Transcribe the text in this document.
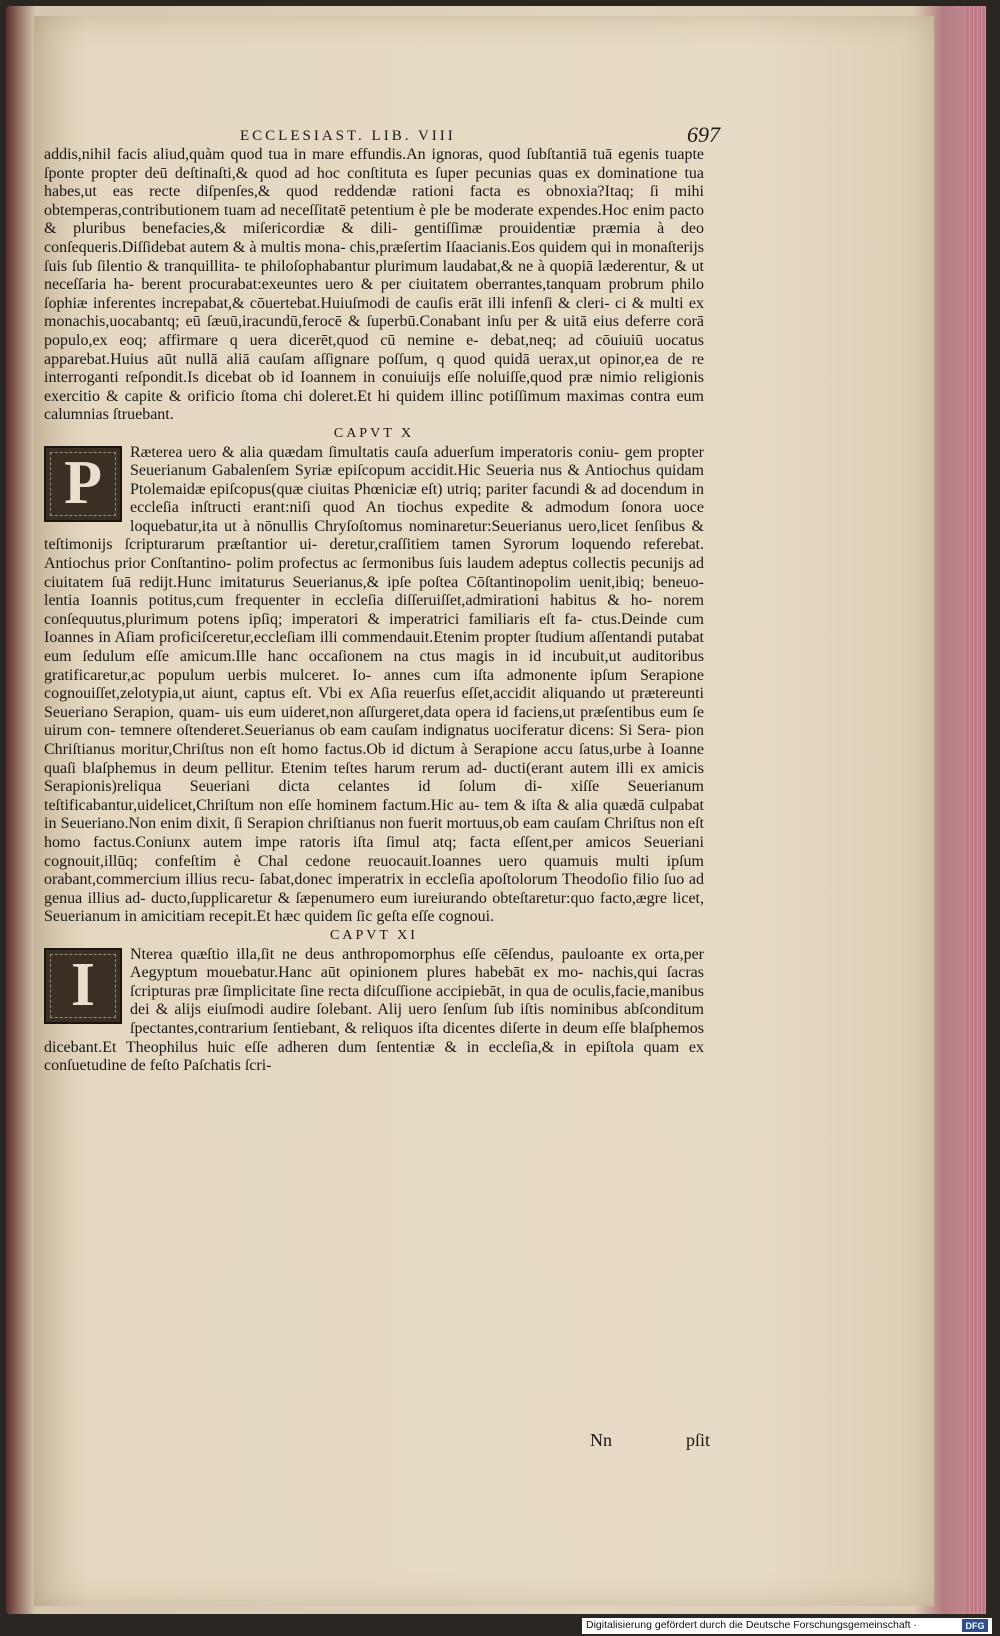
ECCLESIAST. LIB. VIII	697

addis,nihil facis aliud,quàm quod tua in mare effundis.An ignoras, quod ſubſtantiā tuā egenis tuapte ſponte propter deū deſtinaſti,& quod ad hoc conſtituta es ſuper pecunias quas ex dominatione tua habes,ut eas recte diſpenſes,& quod reddendæ rationi facta es obnoxia?Itaq; ſi mihi obtemperas,contributionem tuam ad neceſſitatē petentium è ple be moderate expendes.Hoc enim pacto & pluribus benefacies,& miſericordiæ & dili- gentiſſimæ prouidentiæ præmia à deo conſequeris.Diſſidebat autem & à multis mona- chis,præſertim Iſaacianis.Eos quidem qui in monaſterijs ſuis ſub ſilentio & tranquillita- te philoſophabantur plurimum laudabat,& ne à quopiā læderentur, & ut neceſſaria ha- berent procurabat:exeuntes uero & per ciuitatem oberrantes,tanquam probrum philo ſophiæ inferentes increpabat,& cōuertebat.Huiuſmodi de cauſis erāt illi infenſi & cleri- ci & multi ex monachis,uocabantq; eū ſæuū,iracundū,ferocē & ſuperbū.Conabant inſu per & uitā eius deferre corā populo,ex eoq; affirmare q uera dicerēt,quod cū nemine e- debat,neq; ad cōuiuiū uocatus apparebat.Huius aūt nullā aliā cauſam aſſignare poſſum, q quod quidā uerax,ut opinor,ea de re interroganti reſpondit.Is dicebat ob id Ioannem in conuiuijs eſſe noluiſſe,quod præ nimio religionis exercitio & capite & orificio ſtoma chi doleret.Et hi quidem illinc potiſſimum maximas contra eum calumnias ſtruebant.

CAPVT X

P	Ræterea uero & alia quædam ſimultatis cauſa aduerſum imperatoris coniu- gem propter Seuerianum Gabalenſem Syriæ epiſcopum accidit.Hic Seueria nus & Antiochus quidam Ptolemaidæ epiſcopus(quæ ciuitas Phœniciæ eſt) utriq; pariter facundi & ad docendum in eccleſia inſtructi erant:niſi quod An tiochus expedite & admodum ſonora uoce loquebatur,ita ut à nōnullis Chryſoſtomus nominaretur:Seuerianus uero,licet ſenſibus & teſtimonijs ſcripturarum præſtantior ui- deretur,craſſitiem tamen Syrorum loquendo referebat. Antiochus prior Conſtantino- polim profectus ac ſermonibus ſuis laudem adeptus collectis pecunijs ad ciuitatem ſuā redijt.Hunc imitaturus Seuerianus,& ipſe poſtea Cōſtantinopolim uenit,ibiq; beneuo- lentia Ioannis potitus,cum frequenter in eccleſia diſſeruiſſet,admirationi habitus & ho- norem conſequutus,plurimum potens ipſiq; imperatori & imperatrici familiaris eſt fa- ctus.Deinde cum Ioannes in Aſiam proficiſceretur,eccleſiam illi commendauit.Etenim propter ſtudium aſſentandi putabat eum ſedulum eſſe amicum.Ille hanc occaſionem na ctus magis in id incubuit,ut auditoribus gratificaretur,ac populum uerbis mulceret. Io- annes cum iſta admonente ipſum Serapione cognouiſſet,zelotypia,ut aiunt, captus eſt. Vbi ex Aſia reuerſus eſſet,accidit aliquando ut prætereunti Seueriano Serapion, quam- uis eum uideret,non aſſurgeret,data opera id faciens,ut præſentibus eum ſe uirum con- temnere oſtenderet.Seuerianus ob eam cauſam indignatus uociferatur dicens: Si Sera- pion Chriſtianus moritur,Chriſtus non eſt homo factus.Ob id dictum à Serapione accu ſatus,urbe à Ioanne quaſi blaſphemus in deum pellitur. Etenim teſtes harum rerum ad- ducti(erant autem illi ex amicis Serapionis)reliqua Seueriani dicta celantes id ſolum di- xiſſe Seuerianum teſtificabantur,uidelicet,Chriſtum non eſſe hominem factum.Hic au- tem & iſta & alia quædā culpabat in Seueriano.Non enim dixit, ſi Serapion chriſtianus non fuerit mortuus,ob eam cauſam Chriſtus non eſt homo factus.Coniunx autem impe ratoris iſta ſimul atq; facta eſſent,per amicos Seueriani cognouit,illūq; confeſtim è Chal cedone reuocauit.Ioannes uero quamuis multi ipſum orabant,commercium illius recu- ſabat,donec imperatrix in eccleſia apoſtolorum Theodoſio filio ſuo ad genua illius ad- ducto,ſupplicaretur & ſæpenumero eum iureiurando obteſtaretur:quo facto,ægre licet, Seuerianum in amicitiam recepit.Et hæc quidem ſic geſta eſſe cognoui.

CAPVT XI

I	Nterea quæſtio illa,ſit ne deus anthropomorphus eſſe cēſendus, pauloante ex orta,per Aegyptum mouebatur.Hanc aūt opinionem plures habebāt ex mo- nachis,qui ſacras ſcripturas præ ſimplicitate ſine recta diſcuſſione accipiebāt, in qua de oculis,facie,manibus dei & alijs eiuſmodi audire ſolebant. Alij uero ſenſum ſub iſtis nominibus abſconditum ſpectantes,contrarium ſentiebant, & reliquos iſta dicentes diſerte in deum eſſe blaſphemos dicebant.Et Theophilus huic eſſe adheren dum ſententiæ & in eccleſia,& in epiſtola quam ex conſuetudine de feſto Paſchatis ſcri-

Nn	pſit
Digitalisierung gefördert durch die Deutsche Forschungsgemeinschaft ·	DFG
